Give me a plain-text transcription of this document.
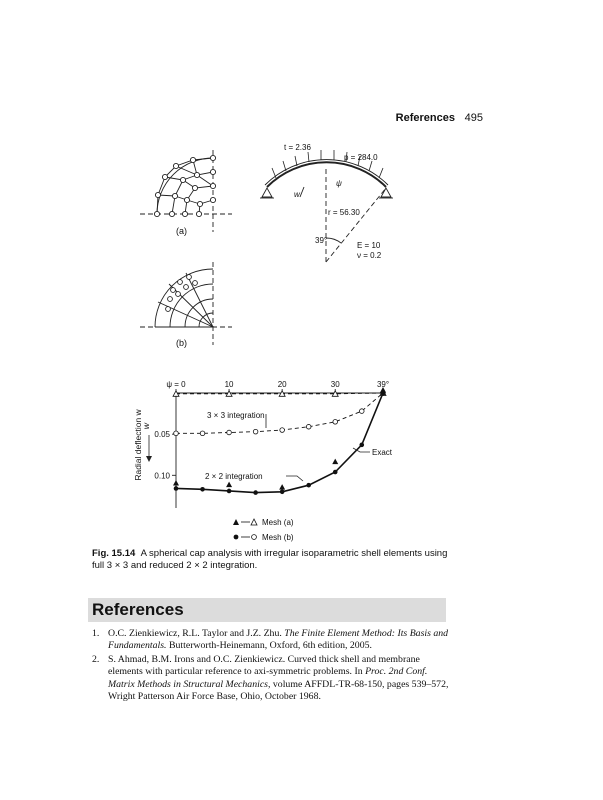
References 495
(a)
(b)
t = 2.36
p = 284.0
ψ
w
r = 56.30
39°
E = 10
ν = 0.2
ψ = 0	10	20	30	39°
0.05
0.10
Radial deflection w
w
3 × 3 integration
2 × 2 integration
Exact
Mesh (a)
Mesh (b)
Fig. 15.14 A spherical cap analysis with irregular isoparametric shell elements using full 3 × 3 and reduced 2 × 2 integration.
References
1. O.C. Zienkiewicz, R.L. Taylor and J.Z. Zhu. The Finite Element Method: Its Basis and Fundamentals. Butterworth-Heinemann, Oxford, 6th edition, 2005.
2. S. Ahmad, B.M. Irons and O.C. Zienkiewicz. Curved thick shell and membrane elements with particular reference to axi-symmetric problems. In Proc. 2nd Conf. Matrix Methods in Structural Mechanics, volume AFFDL-TR-68-150, pages 539–572, Wright Patterson Air Force Base, Ohio, October 1968.
